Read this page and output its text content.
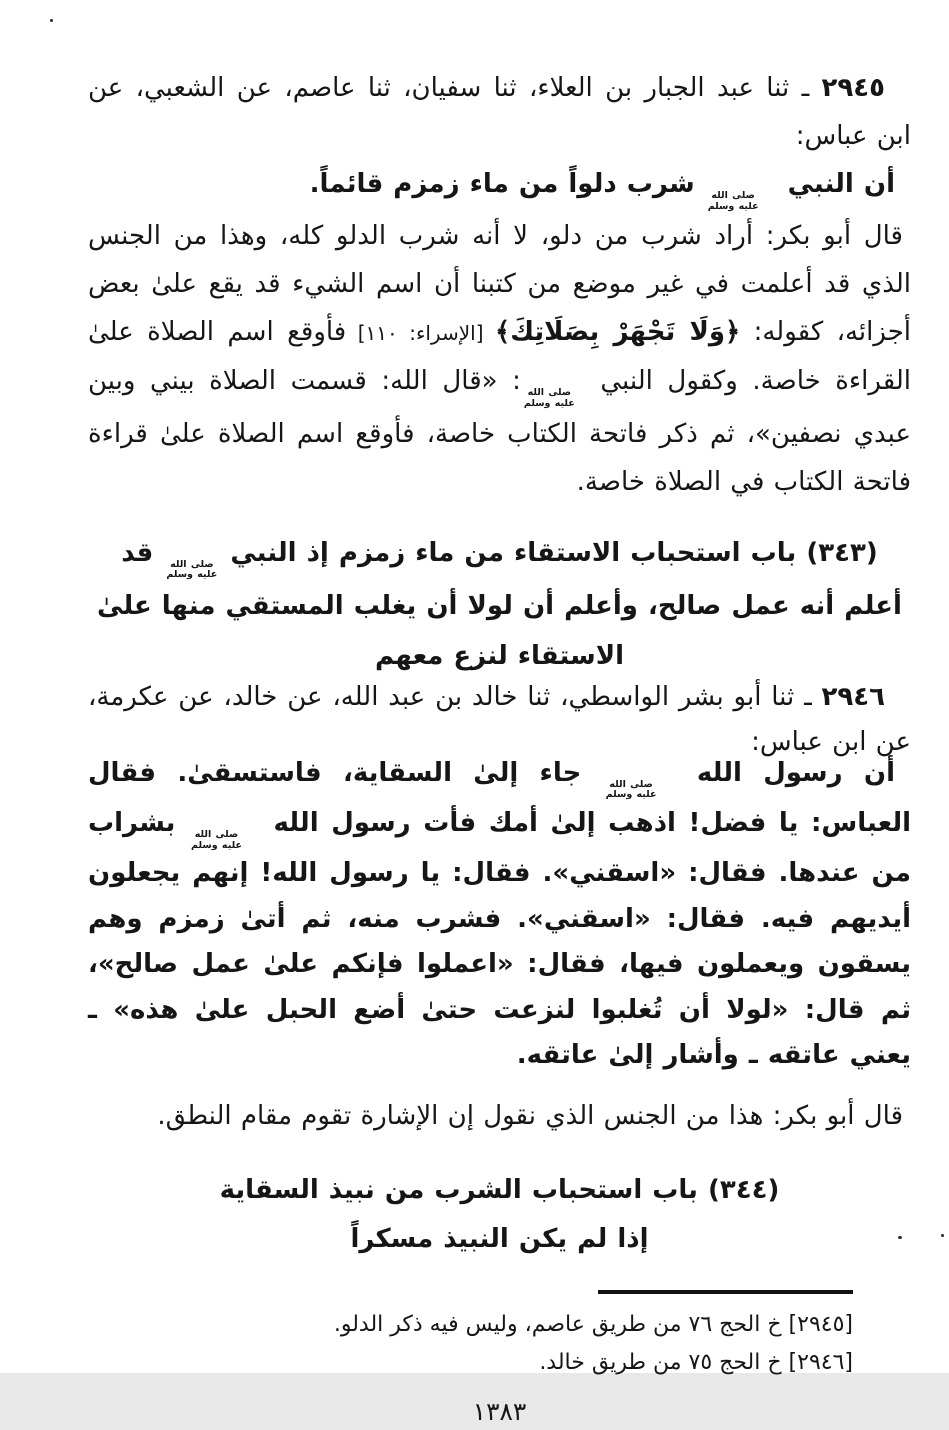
٢٩٤٥ ـ ثنا عبد الجبار بن العلاء، ثنا سفيان، ثنا عاصم، عن الشعبي، عن ابن عباس:

أن النبي
صلى الله
عليه وسلم
شرب دلواً من ماء زمزم قائماً.

قال أبو بكر: أراد شرب من دلو، لا أنه شرب الدلو كله، وهذا من الجنس الذي قد أعلمت في غير موضع من كتبنا أن اسم الشيء قد يقع علىٰ بعض أجزائه، كقوله: ﴿وَلَا تَجْهَرْ بِصَلَاتِكَ﴾ [الإسراء: ١١٠] فأوقع اسم الصلاة علىٰ القراءة خاصة. وكقول النبي
صلى الله
عليه وسلم
: «قال الله: قسمت الصلاة بيني وبين عبدي نصفين»، ثم ذكر فاتحة الكتاب خاصة، فأوقع اسم الصلاة علىٰ قراءة فاتحة الكتاب في الصلاة خاصة.

(٣٤٣) باب استحباب الاستقاء من ماء زمزم إذ النبي
صلى الله
عليه وسلم
قد أعلم أنه عمل صالح، وأعلم أن لولا أن يغلب المستقي منها علىٰ الاستقاء لنزع معهم

٢٩٤٦ ـ ثنا أبو بشر الواسطي، ثنا خالد بن عبد الله، عن خالد، عن عكرمة، عن ابن عباس:

أن رسول الله
صلى الله
عليه وسلم
جاء إلىٰ السقاية، فاستسقىٰ. فقال العباس: يا فضل! اذهب إلىٰ أمك فأت رسول الله
صلى الله
عليه وسلم
بشراب من عندها. فقال: «اسقني». فقال: يا رسول الله! إنهم يجعلون أيديهم فيه. فقال: «اسقني». فشرب منه، ثم أتىٰ زمزم وهم يسقون ويعملون فيها، فقال: «اعملوا فإنكم علىٰ عمل صالح»، ثم قال: «لولا أن تُغلبوا لنزعت حتىٰ أضع الحبل علىٰ هذه» ـ يعني عاتقه ـ وأشار إلىٰ عاتقه.

قال أبو بكر: هذا من الجنس الذي نقول إن الإشارة تقوم مقام النطق.

(٣٤٤) باب استحباب الشرب من نبيذ السقاية

إذا لم يكن النبيذ مسكراً

[٢٩٤٥] خ الحج ٧٦ من طريق عاصم، وليس فيه ذكر الدلو.

[٢٩٤٦] خ الحج ٧٥ من طريق خالد.

١٣٨٣
